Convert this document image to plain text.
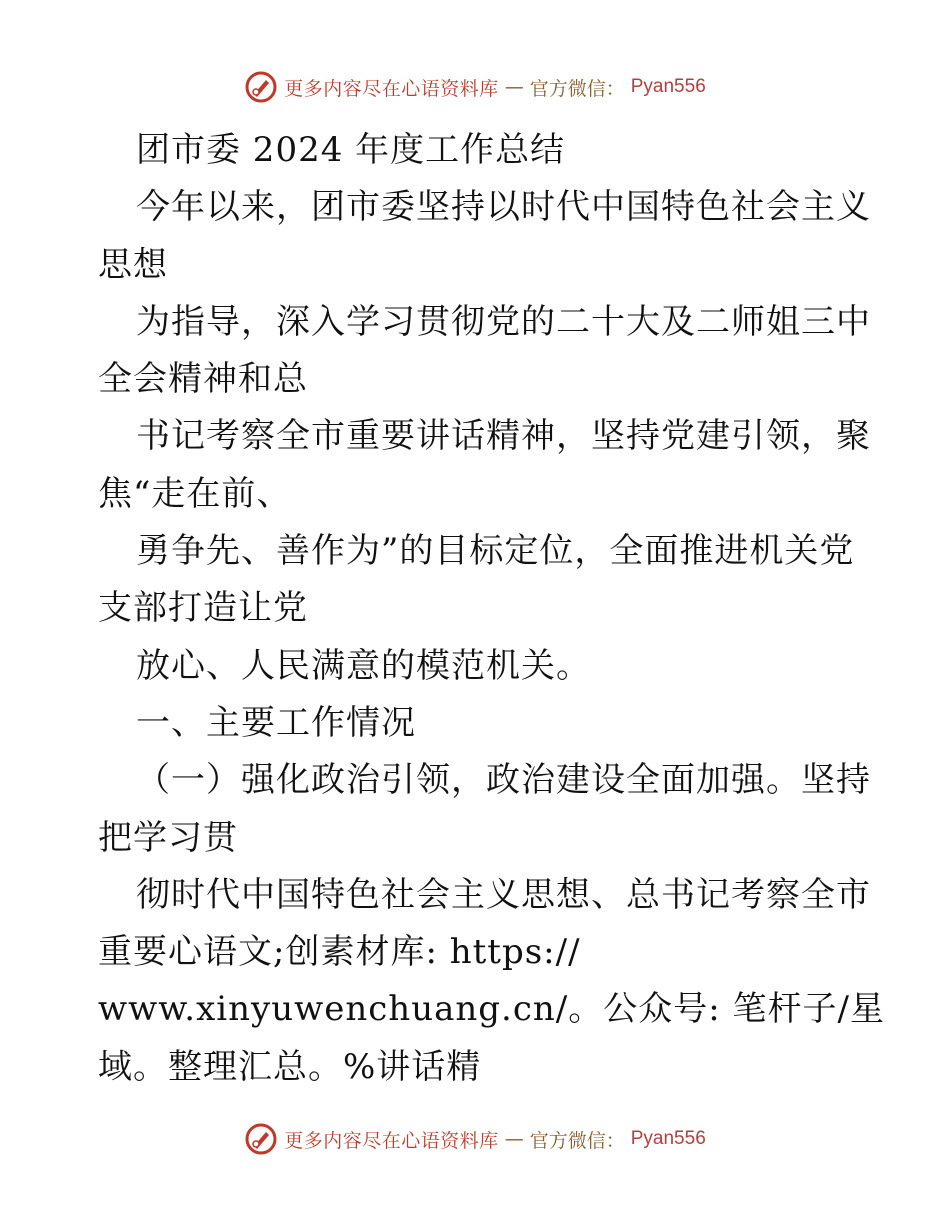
更多内容尽在心语资料库 — 官方微信： Pyan556
团市委 2024 年度工作总结
今年以来，团市委坚持以时代中国特色社会主义
思想
为指导，深入学习贯彻党的二十大及二师姐三中
全会精神和总
书记考察全市重要讲话精神，坚持党建引领，聚
焦“走在前、
勇争先、善作为”的目标定位，全面推进机关党
支部打造让党
放心、人民满意的模范机关。
一、主要工作情况
（一）强化政治引领，政治建设全面加强。坚持
把学习贯
彻时代中国特色社会主义思想、总书记考察全市
重要心语文;创素材库: https://
www.xinyuwenchuang.cn/。公众号: 笔杆子/星
域。整理汇总。%讲话精
更多内容尽在心语资料库 — 官方微信： Pyan556
